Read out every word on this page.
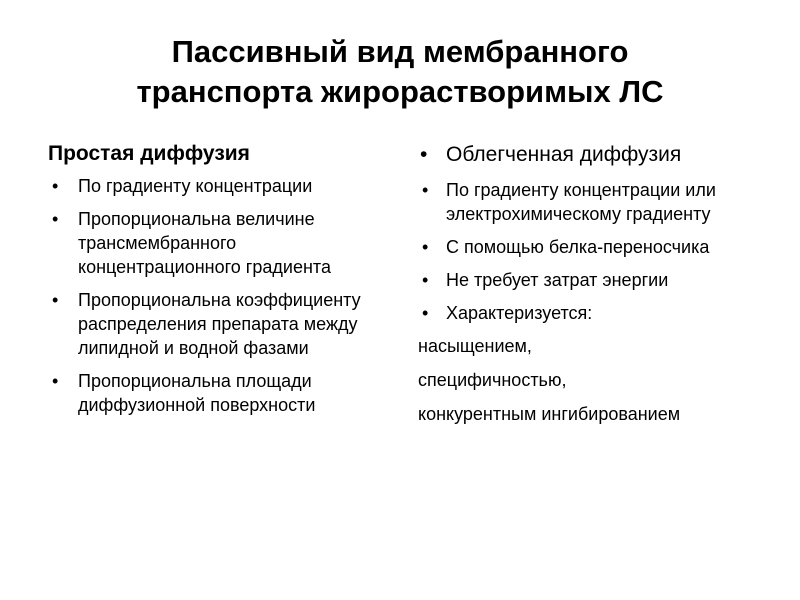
Пассивный вид мембранного
транспорта жирорастворимых ЛС

Простая диффузия

• По градиенту концентрации
• Пропорциональна величине трансмембранного концентрационного градиента
• Пропорциональна коэффициенту распределения препарата между липидной и водной фазами
• Пропорциональна площади диффузионной поверхности
• Облегченная диффузия
• По градиенту концентрации или электрохимическому градиенту
• С помощью белка-переносчика
• Не требует затрат энергии
• Характеризуется:

насыщением,

специфичностью,

конкурентным ингибированием
